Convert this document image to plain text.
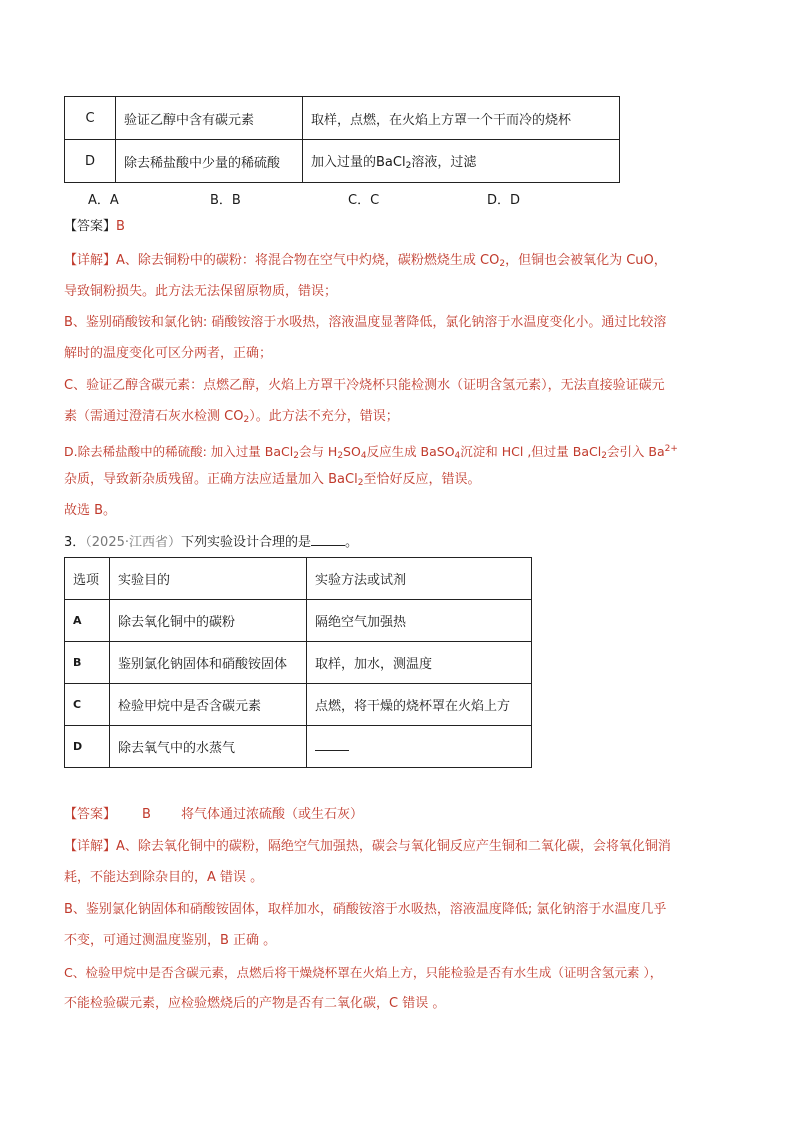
C	验证乙醇中含有碳元素	取样，点燃，在火焰上方罩一个干而冷的烧杯
D	除去稀盐酸中少量的稀硫酸	加入过量的BaCl$_2$溶液，过滤
A．A	B．B	C．C	D．D
【答案】B
【详解】A、除去铜粉中的碳粉：将混合物在空气中灼烧，碳粉燃烧生成 $CO_2$，但铜也会被氧化为 CuO，
导致铜粉损失。此方法无法保留原物质，错误；
B、鉴别硝酸铵和氯化钠: 硝酸铵溶于水吸热，溶液温度显著降低，氯化钠溶于水温度变化小。通过比较溶
解时的温度变化可区分两者，正确；
C、验证乙醇含碳元素：点燃乙醇，火焰上方罩干冷烧杯只能检测水（证明含氢元素），无法直接验证碳元
素（需通过澄清石灰水检测 $CO_2$）。此方法不充分，错误；
D.除去稀盐酸中的稀硫酸: 加入过量 BaCl$_2$会与 $H_2SO_4$反应生成 BaSO$_4$沉淀和 HCl ,但过量 BaCl$_2$会引入 $Ba^{2+}$
杂质，导致新杂质残留。正确方法应适量加入 BaCl$_2$至恰好反应，错误。
故选 B。
3．（2025·江西省）下列实验设计合理的是	。
选项	实验目的	实验方法或试剂
A	除去氧化铜中的碳粉	隔绝空气加强热
B	鉴别氯化钠固体和硝酸铵固体	取样，加水，测温度
C	检验甲烷中是否含碳元素	点燃，将干燥的烧杯罩在火焰上方
D	除去氧气中的水蒸气	
【答案】 B 将气体通过浓硫酸（或生石灰）
【详解】A、除去氧化铜中的碳粉，隔绝空气加强热，碳会与氧化铜反应产生铜和二氧化碳，会将氧化铜消
耗，不能达到除杂目的，A 错误 。
B、鉴别氯化钠固体和硝酸铵固体，取样加水，硝酸铵溶于水吸热，溶液温度降低; 氯化钠溶于水温度几乎
不变，可通过测温度鉴别，B 正确 。
C、检验甲烷中是否含碳元素，点燃后将干燥烧杯罩在火焰上方，只能检验是否有水生成（证明含氢元素 ），
不能检验碳元素，应检验燃烧后的产物是否有二氧化碳，C 错误 。
